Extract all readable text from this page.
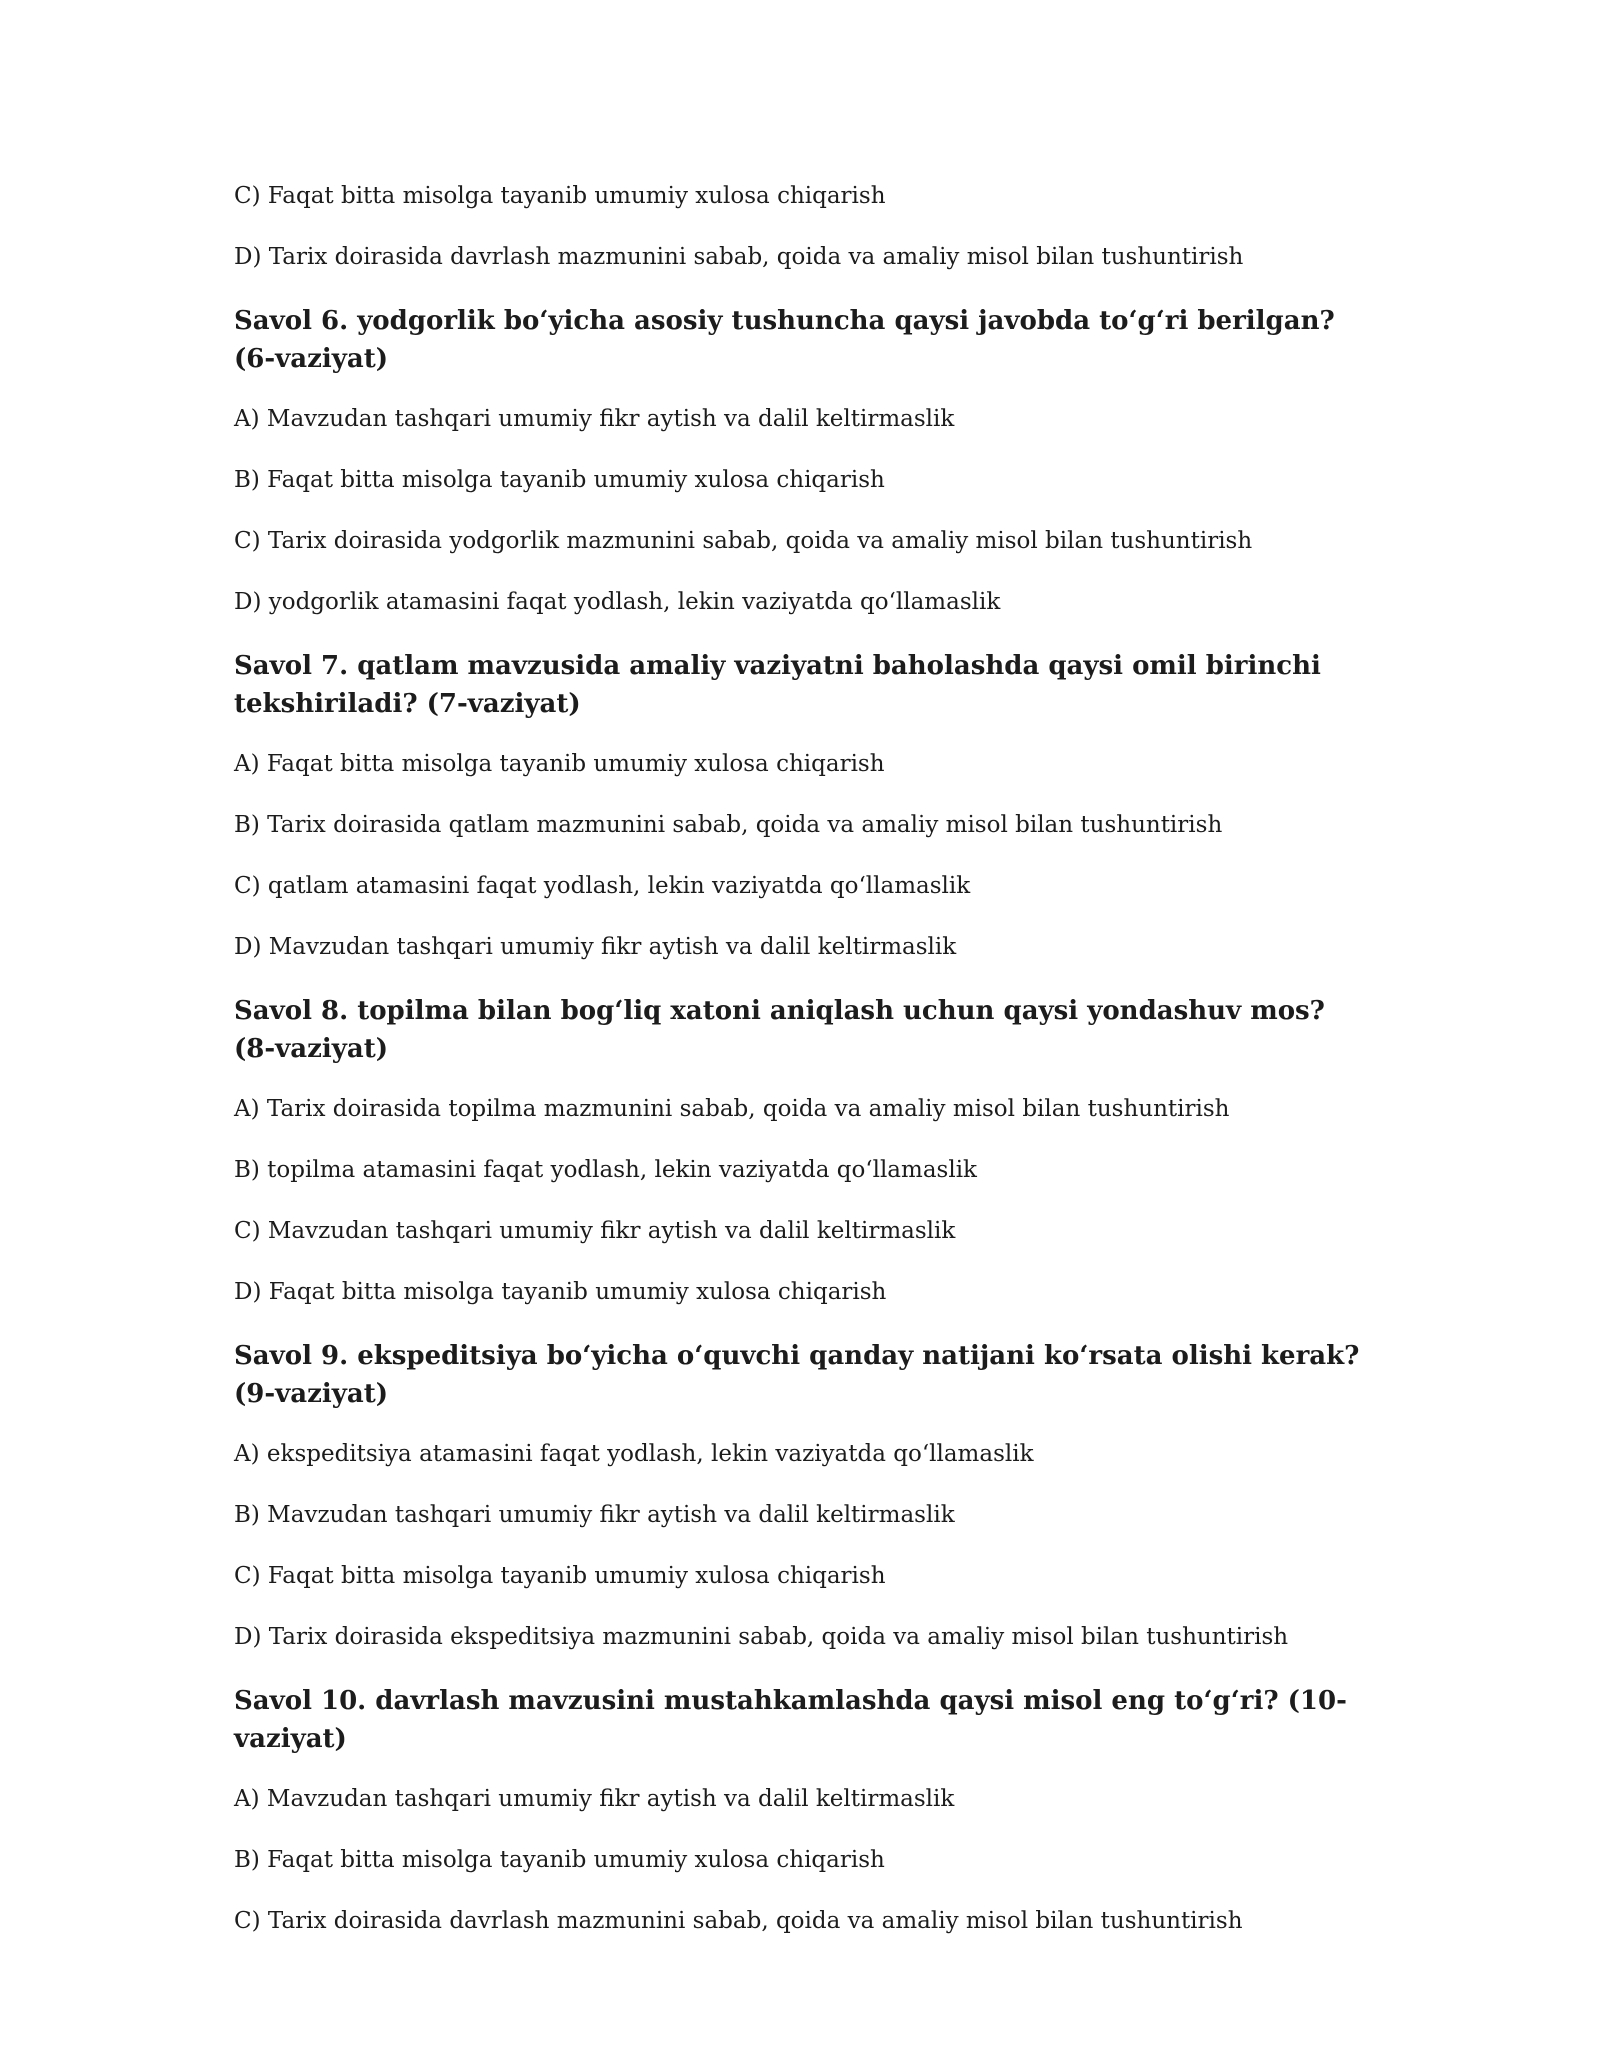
C) Faqat bitta misolga tayanib umumiy xulosa chiqarish
D) Tarix doirasida davrlash mazmunini sabab, qoida va amaliy misol bilan tushuntirish
Savol 6. yodgorlik bo‘yicha asosiy tushuncha qaysi javobda to‘g‘ri berilgan? (6-vaziyat)
A) Mavzudan tashqari umumiy fikr aytish va dalil keltirmaslik
B) Faqat bitta misolga tayanib umumiy xulosa chiqarish
C) Tarix doirasida yodgorlik mazmunini sabab, qoida va amaliy misol bilan tushuntirish
D) yodgorlik atamasini faqat yodlash, lekin vaziyatda qo‘llamaslik
Savol 7. qatlam mavzusida amaliy vaziyatni baholashda qaysi omil birinchi tekshiriladi? (7-vaziyat)
A) Faqat bitta misolga tayanib umumiy xulosa chiqarish
B) Tarix doirasida qatlam mazmunini sabab, qoida va amaliy misol bilan tushuntirish
C) qatlam atamasini faqat yodlash, lekin vaziyatda qo‘llamaslik
D) Mavzudan tashqari umumiy fikr aytish va dalil keltirmaslik
Savol 8. topilma bilan bog‘liq xatoni aniqlash uchun qaysi yondashuv mos? (8-vaziyat)
A) Tarix doirasida topilma mazmunini sabab, qoida va amaliy misol bilan tushuntirish
B) topilma atamasini faqat yodlash, lekin vaziyatda qo‘llamaslik
C) Mavzudan tashqari umumiy fikr aytish va dalil keltirmaslik
D) Faqat bitta misolga tayanib umumiy xulosa chiqarish
Savol 9. ekspeditsiya bo‘yicha o‘quvchi qanday natijani ko‘rsata olishi kerak? (9-vaziyat)
A) ekspeditsiya atamasini faqat yodlash, lekin vaziyatda qo‘llamaslik
B) Mavzudan tashqari umumiy fikr aytish va dalil keltirmaslik
C) Faqat bitta misolga tayanib umumiy xulosa chiqarish
D) Tarix doirasida ekspeditsiya mazmunini sabab, qoida va amaliy misol bilan tushuntirish
Savol 10. davrlash mavzusini mustahkamlashda qaysi misol eng to‘g‘ri? (10-vaziyat)
A) Mavzudan tashqari umumiy fikr aytish va dalil keltirmaslik
B) Faqat bitta misolga tayanib umumiy xulosa chiqarish
C) Tarix doirasida davrlash mazmunini sabab, qoida va amaliy misol bilan tushuntirish
